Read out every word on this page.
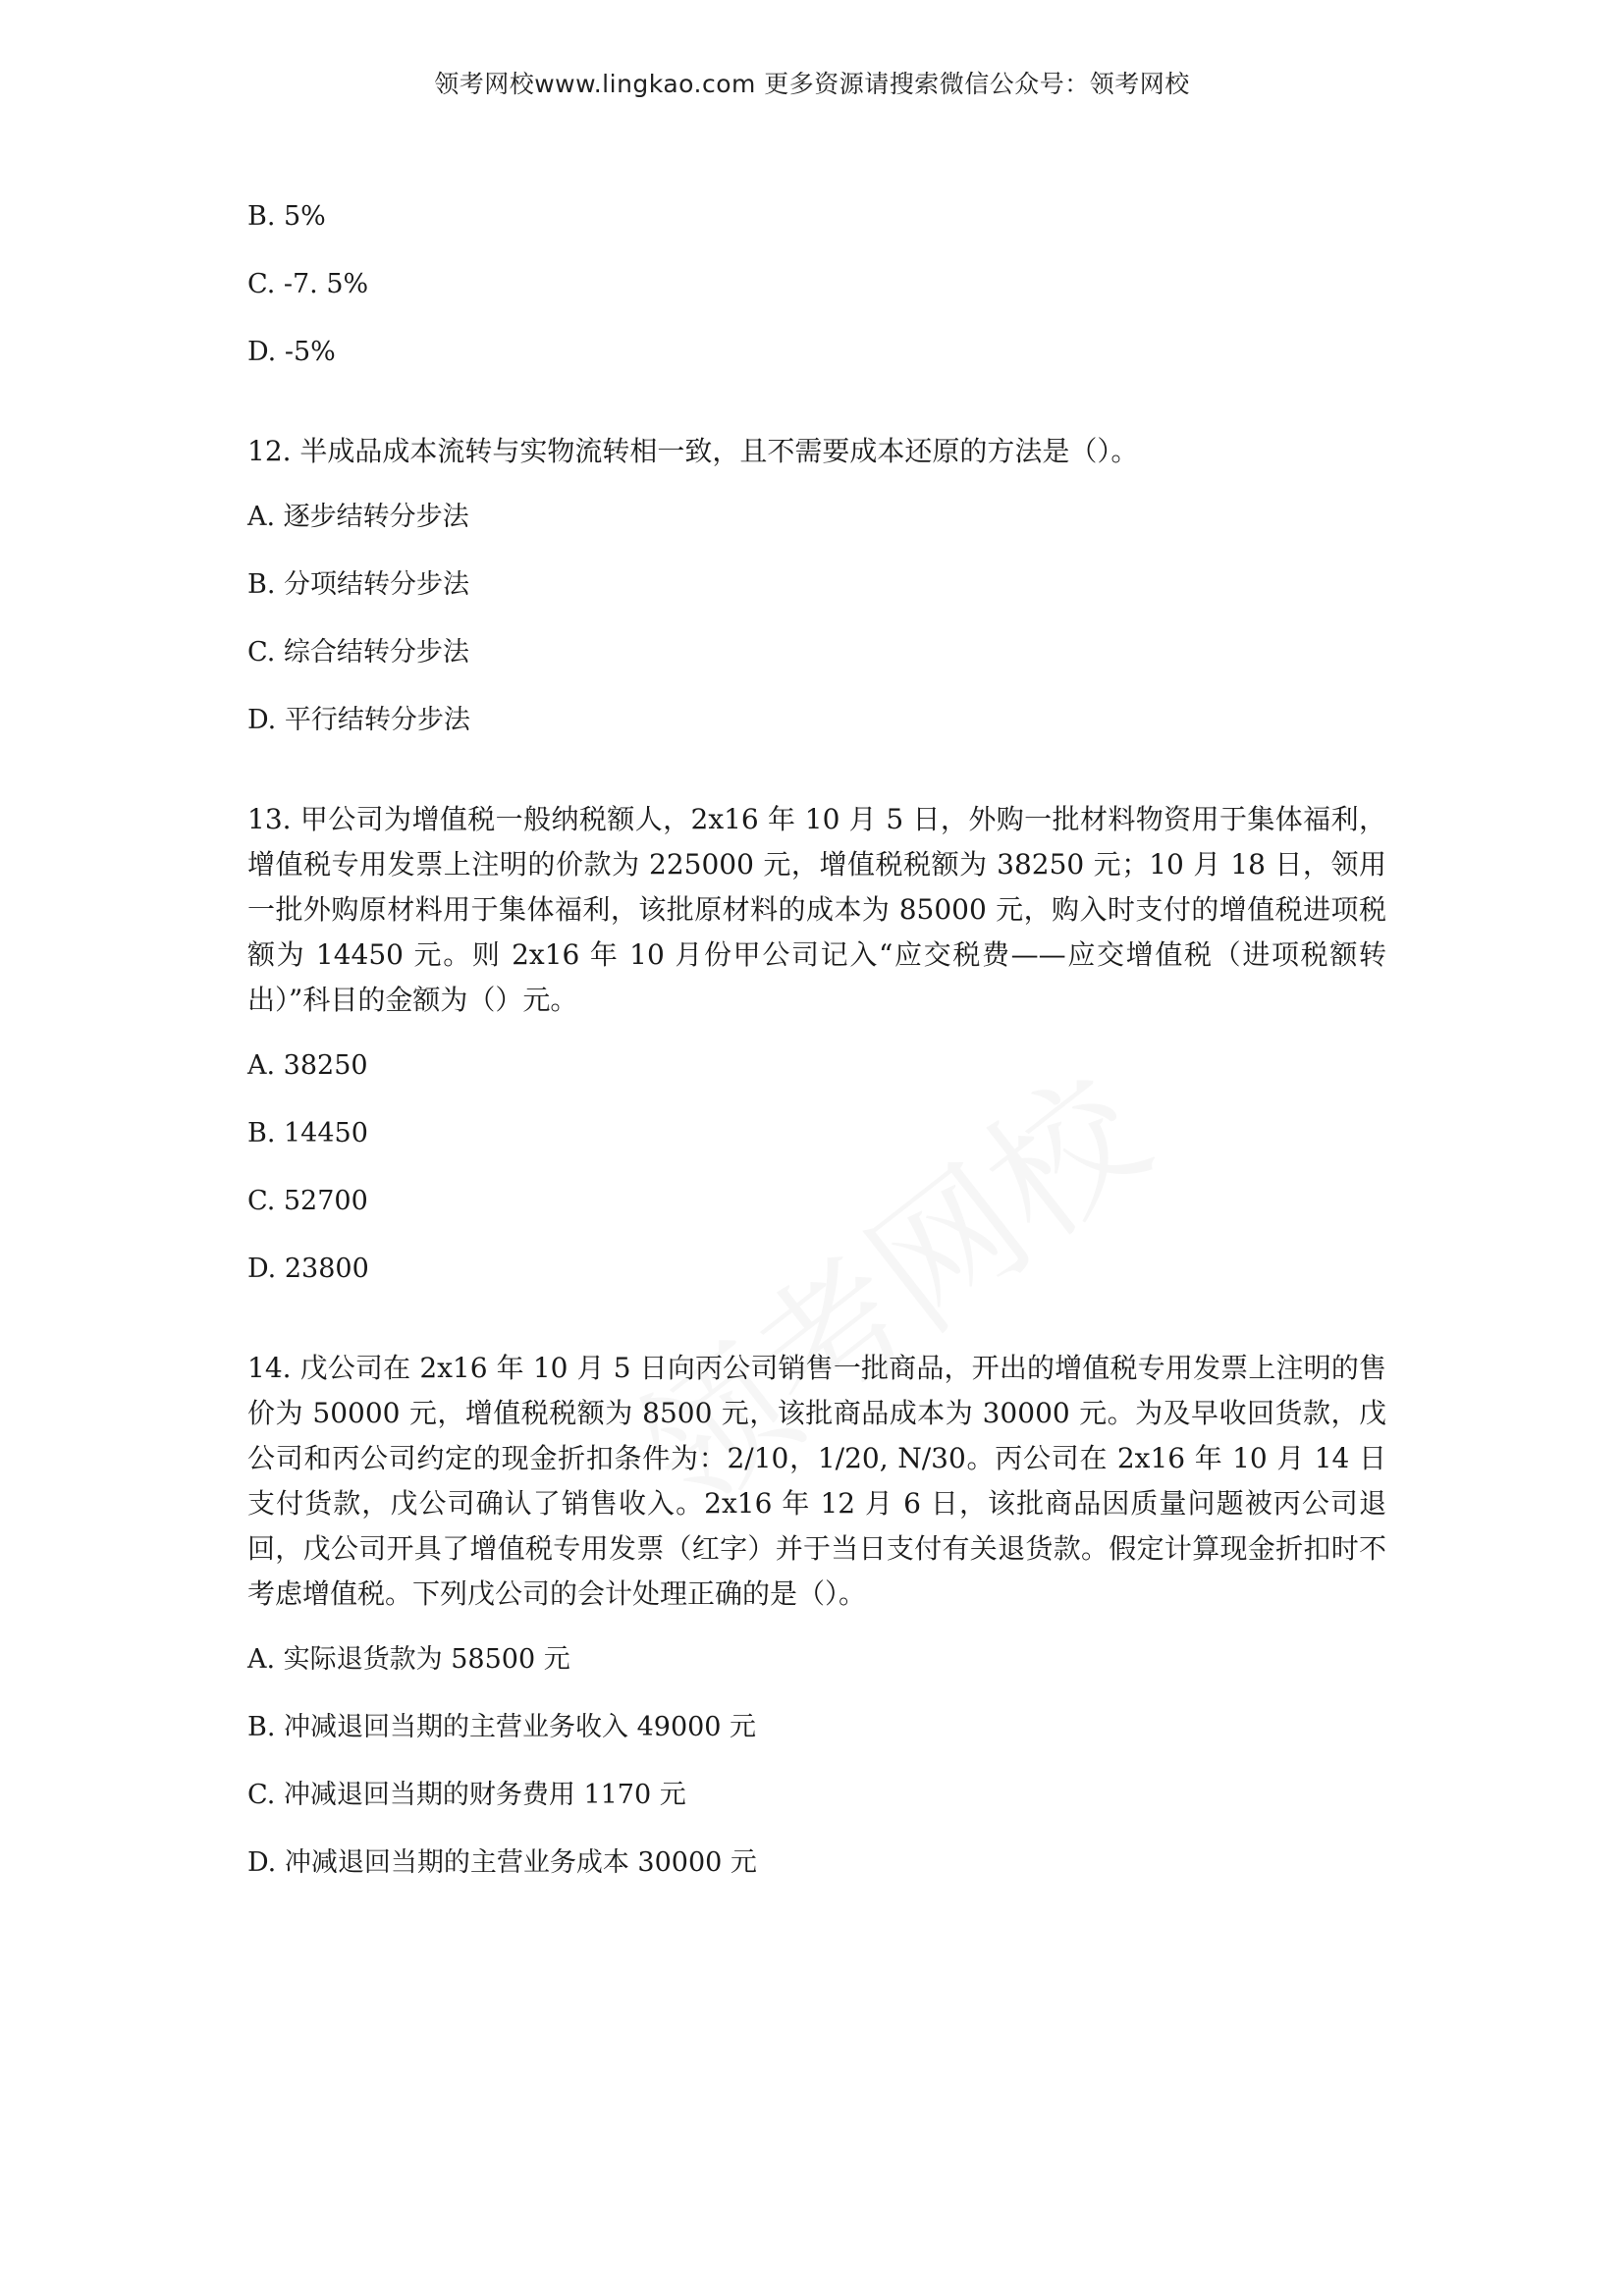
领考网校www.lingkao.com 更多资源请搜索微信公众号：领考网校
B. 5%
C. -7. 5%
D. -5%
12. 半成品成本流转与实物流转相一致，且不需要成本还原的方法是（）。
A. 逐步结转分步法
B. 分项结转分步法
C. 综合结转分步法
D. 平行结转分步法
13. 甲公司为增值税一般纳税额人，2x16 年 10 月 5 日，外购一批材料物资用于集体福利，增值税专用发票上注明的价款为 225000 元，增值税税额为 38250 元；10 月 18 日，领用一批外购原材料用于集体福利，该批原材料的成本为 85000 元，购入时支付的增值税进项税额为 14450 元。则 2x16 年 10 月份甲公司记入“应交税费——应交增值税（进项税额转出）”科目的金额为（）元。
A. 38250
B. 14450
C. 52700
D. 23800
14. 戊公司在 2x16 年 10 月 5 日向丙公司销售一批商品，开出的增值税专用发票上注明的售价为 50000 元，增值税税额为 8500 元，该批商品成本为 30000 元。为及早收回货款，戊公司和丙公司约定的现金折扣条件为：2/10，1/20, N/30。丙公司在 2x16 年 10 月 14 日支付货款，戊公司确认了销售收入。2x16 年 12 月 6 日，该批商品因质量问题被丙公司退回，戊公司开具了增值税专用发票（红字）并于当日支付有关退货款。假定计算现金折扣时不考虑增值税。下列戊公司的会计处理正确的是（）。
A. 实际退货款为 58500 元
B. 冲减退回当期的主营业务收入 49000 元
C. 冲减退回当期的财务费用 1170 元
D. 冲减退回当期的主营业务成本 30000 元
